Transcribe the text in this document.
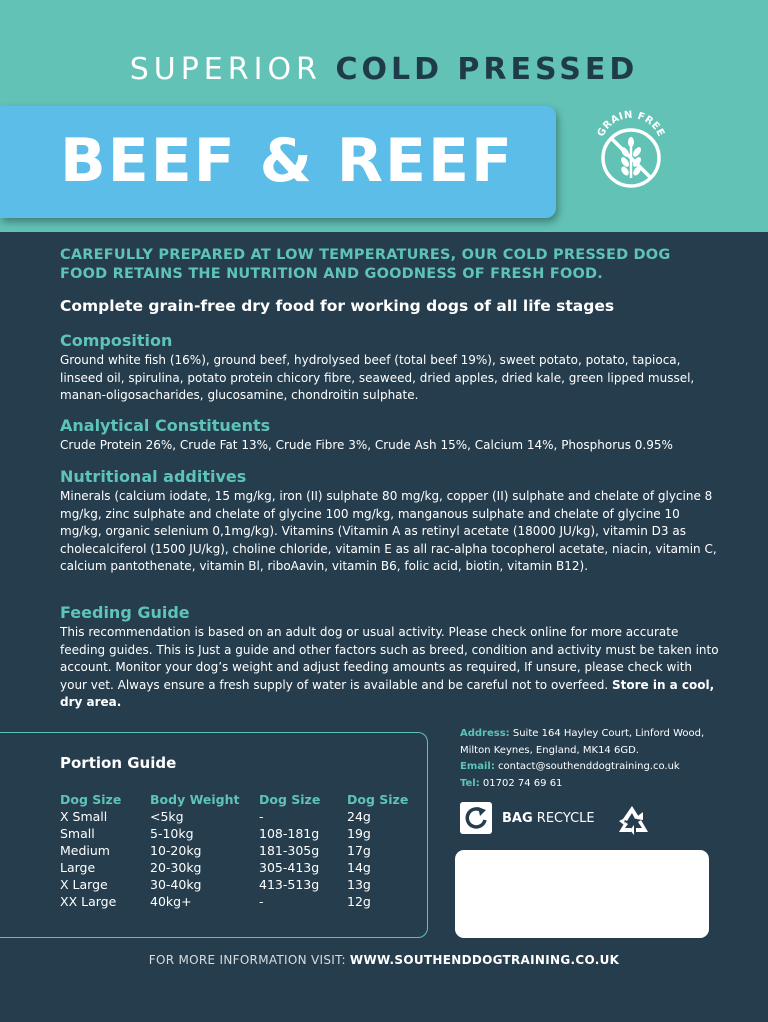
SUPERIOR COLD PRESSED
BEEF & REEF	GRAIN FREE
CAREFULLY PREPARED AT LOW TEMPERATURES, OUR COLD PRESSED DOG FOOD RETAINS THE NUTRITION AND GOODNESS OF FRESH FOOD.
Complete grain-free dry food for working dogs of all life stages
Composition

Ground white fish (16%), ground beef, hydrolysed beef (total beef 19%), sweet potato, potato, tapioca, linseed oil, spirulina, potato protein chicory fibre, seaweed, dried apples, dried kale, green lipped mussel, manan-oligosacharides, glucosamine, chondroitin sulphate.

Analytical Constituents

Crude Protein 26%, Crude Fat 13%, Crude Fibre 3%, Crude Ash 15%, Calcium 14%, Phosphorus 0.95%

Nutritional additives

Minerals (calcium iodate, 15 mg/kg, iron (II) sulphate 80 mg/kg, copper (II) sulphate and chelate of glycine 8 mg/kg, zinc sulphate and chelate of glycine 100 mg/kg, manganous sulphate and chelate of glycine 10 mg/kg, organic selenium 0,1mg/kg). Vitamins (Vitamin A as retinyl acetate (18000 JU/kg), vitamin D3 as cholecalciferol (1500 JU/kg), choline chloride, vitamin E as all rac-alpha tocopherol acetate, niacin, vitamin C, calcium pantothenate, vitamin Bl, riboAavin, vitamin B6, folic acid, biotin, vitamin B12).

Feeding Guide

This recommendation is based on an adult dog or usual activity. Please check online for more accurate feeding guides. This is Just a guide and other factors such as breed, condition and activity must be taken into account. Monitor your dog’s weight and adjust feeding amounts as required, If unsure, please check with your vet. Always ensure a fresh supply of water is available and be careful not to overfeed. Store in a cool, dry area.

Portion Guide
Dog Size	Body Weight	Dog Size	Dog Size
X Small	<5kg	-	24g
Small	5-10kg	108-181g	19g
Medium	10-20kg	181-305g	17g
Large	20-30kg	305-413g	14g
X Large	30-40kg	413-513g	13g
XX Large	40kg+	-	12g
Address: Suite 164 Hayley Court, Linford Wood,
Milton Keynes, England, MK14 6GD.
Email: contact@southenddogtraining.co.uk
Tel: 01702 74 69 61
BAG RECYCLE
FOR MORE INFORMATION VISIT: WWW.SOUTHENDDOGTRAINING.CO.UK
